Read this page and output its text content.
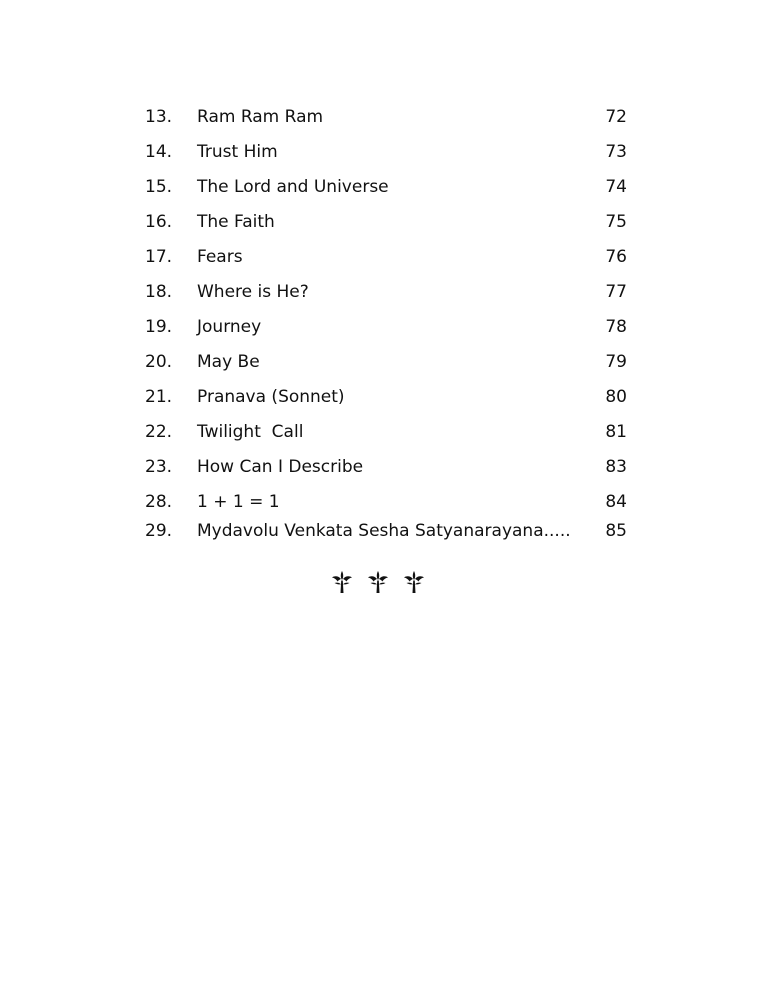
13. Ram Ram Ram	72
14. Trust Him	73
15. The Lord and Universe	74
16. The Faith	75
17. Fears	76
18. Where is He?	77
19. Journey	78
20. May Be	79
21. Pranava (Sonnet)	80
22. Twilight  Call	81
23. How Can I Describe	83
28. 1 + 1 = 1	84
29. Mydavolu Venkata Sesha Satyanarayana..... 85
